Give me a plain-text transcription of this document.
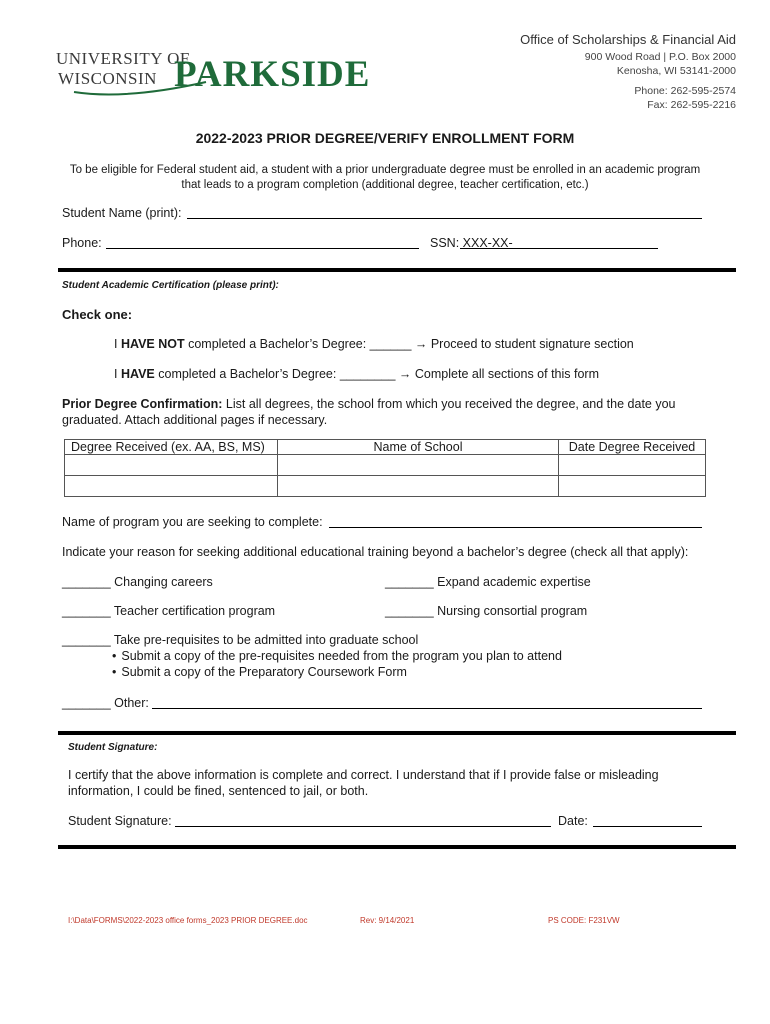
UNIVERSITY OF
WISCONSIN PARKSIDE
Office of Scholarships & Financial Aid
900 Wood Road | P.O. Box 2000
Kenosha, WI 53141-2000
Phone: 262-595-2574
Fax: 262-595-2216
2022-2023 PRIOR DEGREE/VERIFY ENROLLMENT FORM
To be eligible for Federal student aid, a student with a prior undergraduate degree must be enrolled in an academic program
that leads to a program completion (additional degree, teacher certification, etc.)
Student Name (print):
Phone:	SSN: XXX-XX-
Student Academic Certification (please print):
Check one:
I HAVE NOT completed a Bachelor’s Degree: ______ → Proceed to student signature section
I HAVE completed a Bachelor’s Degree: ________ → Complete all sections of this form
Prior Degree Confirmation: List all degrees, the school from which you received the degree, and the date you
graduated. Attach additional pages if necessary.
Degree Received (ex. AA, BS, MS)	Name of School	Date Degree Received

Name of program you are seeking to complete:
Indicate your reason for seeking additional educational training beyond a bachelor’s degree (check all that apply):
_______ Changing careers	_______ Expand academic expertise
_______ Teacher certification program	_______ Nursing consortial program
_______ Take pre-requisites to be admitted into graduate school
• Submit a copy of the pre-requisites needed from the program you plan to attend
• Submit a copy of the Preparatory Coursework Form
_______ Other:
Student Signature:
I certify that the above information is complete and correct. I understand that if I provide false or misleading
information, I could be fined, sentenced to jail, or both.
Student Signature:	Date:
I:\Data\FORMS\2022-2023 office forms_2023 PRIOR DEGREE.doc	Rev: 9/14/2021	PS CODE: F231VW
